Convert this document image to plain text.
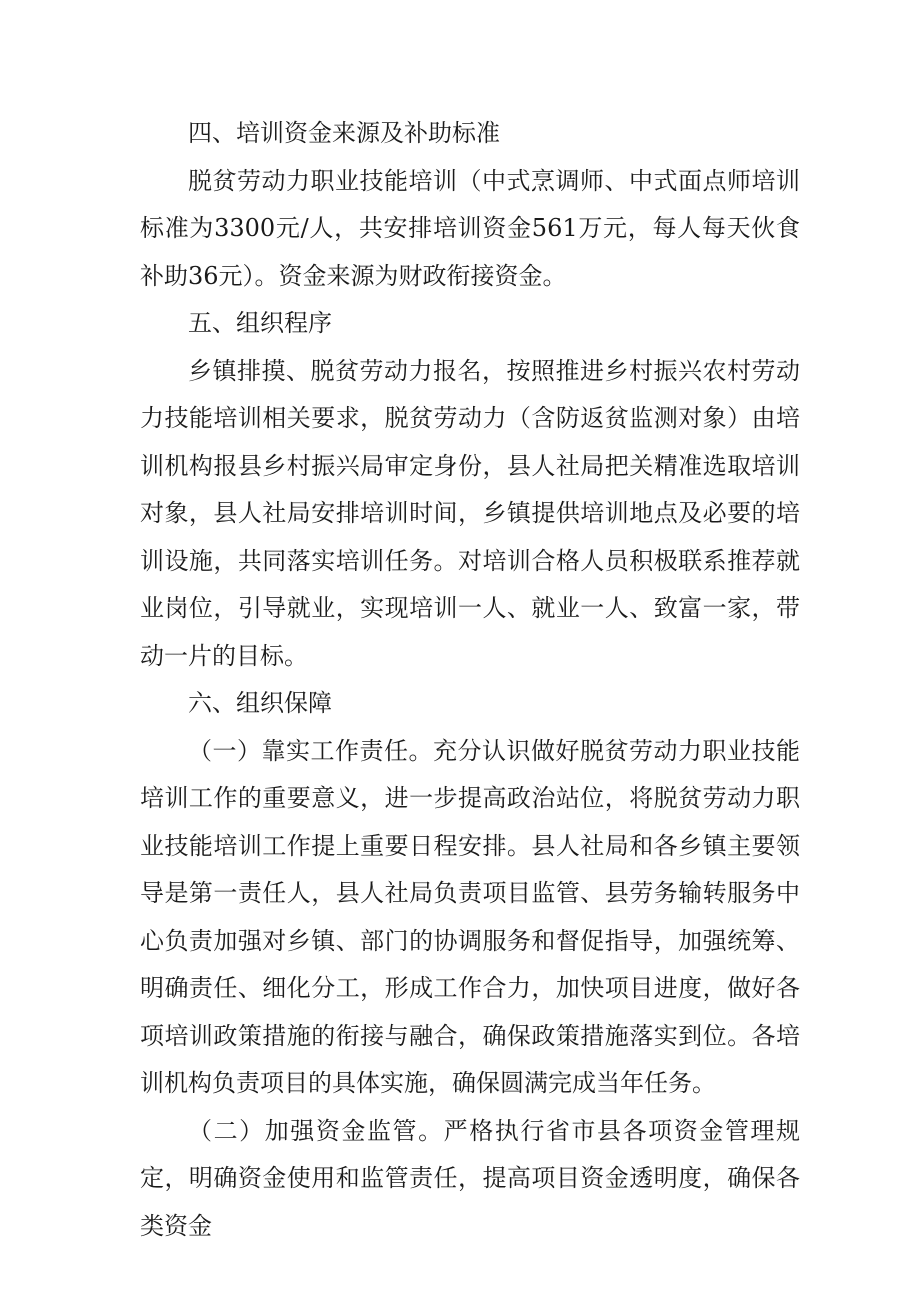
四、培训资金来源及补助标准

脱贫劳动力职业技能培训（中式烹调师、中式面点师培训标准为3300元/人，共安排培训资金561万元，每人每天伙食补助36元）。资金来源为财政衔接资金。

五、组织程序

乡镇排摸、脱贫劳动力报名，按照推进乡村振兴农村劳动力技能培训相关要求，脱贫劳动力（含防返贫监测对象）由培训机构报县乡村振兴局审定身份，县人社局把关精准选取培训对象，县人社局安排培训时间，乡镇提供培训地点及必要的培训设施，共同落实培训任务。对培训合格人员积极联系推荐就业岗位，引导就业，实现培训一人、就业一人、致富一家，带动一片的目标。

六、组织保障

（一）靠实工作责任。充分认识做好脱贫劳动力职业技能培训工作的重要意义，进一步提高政治站位，将脱贫劳动力职业技能培训工作提上重要日程安排。县人社局和各乡镇主要领导是第一责任人，县人社局负责项目监管、县劳务输转服务中心负责加强对乡镇、部门的协调服务和督促指导，加强统筹、明确责任、细化分工，形成工作合力，加快项目进度，做好各项培训政策措施的衔接与融合，确保政策措施落实到位。各培训机构负责项目的具体实施，确保圆满完成当年任务。

（二）加强资金监管。严格执行省市县各项资金管理规定，明确资金使用和监管责任，提高项目资金透明度，确保各类资金
